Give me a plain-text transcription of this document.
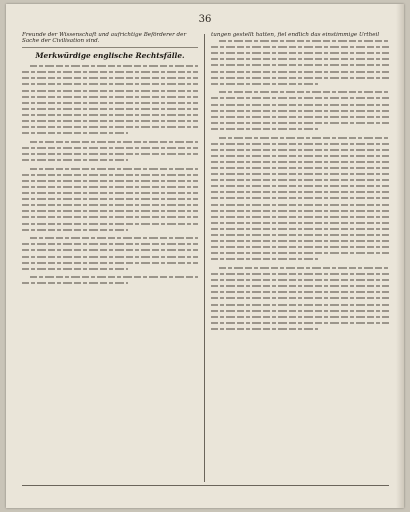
36
Freunde der Wissenschaft und aufrichtige Beförderer der
Sache der Civilisation sind.
Merkwürdige englische Rechtsfälle.
tungen gestellt hatten, fiel endlich das einstimmige Urtheil
